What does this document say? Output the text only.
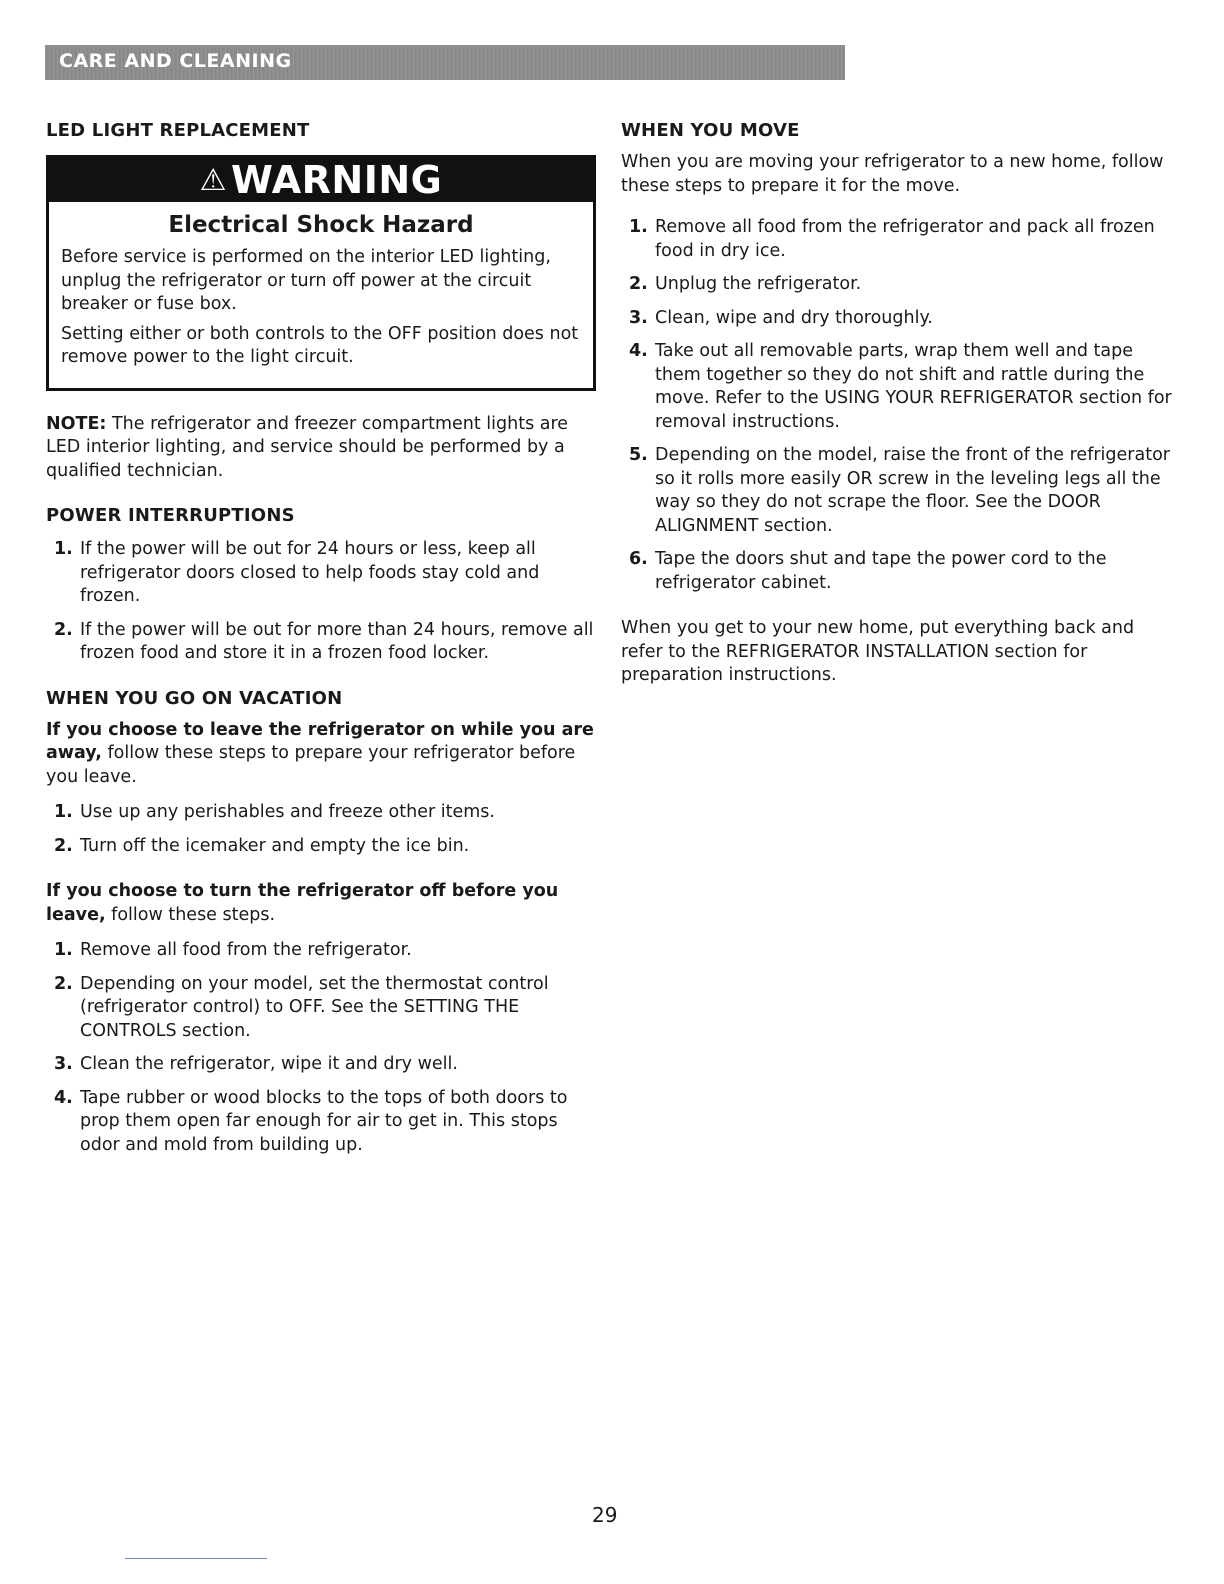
CARE AND CLEANING
LED LIGHT REPLACEMENT
⚠ WARNING
Electrical Shock Hazard

Before service is performed on the interior LED lighting, unplug the refrigerator or turn off power at the circuit breaker or fuse box.

Setting either or both controls to the OFF position does not remove power to the light circuit.

NOTE: The refrigerator and freezer compartment lights are LED interior lighting, and service should be performed by a qualified technician.

POWER INTERRUPTIONS
1. If the power will be out for 24 hours or less, keep all refrigerator doors closed to help foods stay cold and frozen.
2. If the power will be out for more than 24 hours, remove all frozen food and store it in a frozen food locker.
WHEN YOU GO ON VACATION

If you choose to leave the refrigerator on while you are away, follow these steps to prepare your refrigerator before you leave.

1. Use up any perishables and freeze other items.
2. Turn off the icemaker and empty the ice bin.

If you choose to turn the refrigerator off before you leave, follow these steps.

1. Remove all food from the refrigerator.
2. Depending on your model, set the thermostat control (refrigerator control) to OFF. See the SETTING THE CONTROLS section.
3. Clean the refrigerator, wipe it and dry well.
4. Tape rubber or wood blocks to the tops of both doors to prop them open far enough for air to get in. This stops odor and mold from building up.
WHEN YOU MOVE

When you are moving your refrigerator to a new home, follow these steps to prepare it for the move.

1. Remove all food from the refrigerator and pack all frozen food in dry ice.
2. Unplug the refrigerator.
3. Clean, wipe and dry thoroughly.
4. Take out all removable parts, wrap them well and tape them together so they do not shift and rattle during the move. Refer to the USING YOUR REFRIGERATOR section for removal instructions.
5. Depending on the model, raise the front of the refrigerator so it rolls more easily OR screw in the leveling legs all the way so they do not scrape the floor. See the DOOR ALIGNMENT section.
6. Tape the doors shut and tape the power cord to the refrigerator cabinet.

When you get to your new home, put everything back and refer to the REFRIGERATOR INSTALLATION section for preparation instructions.

29
